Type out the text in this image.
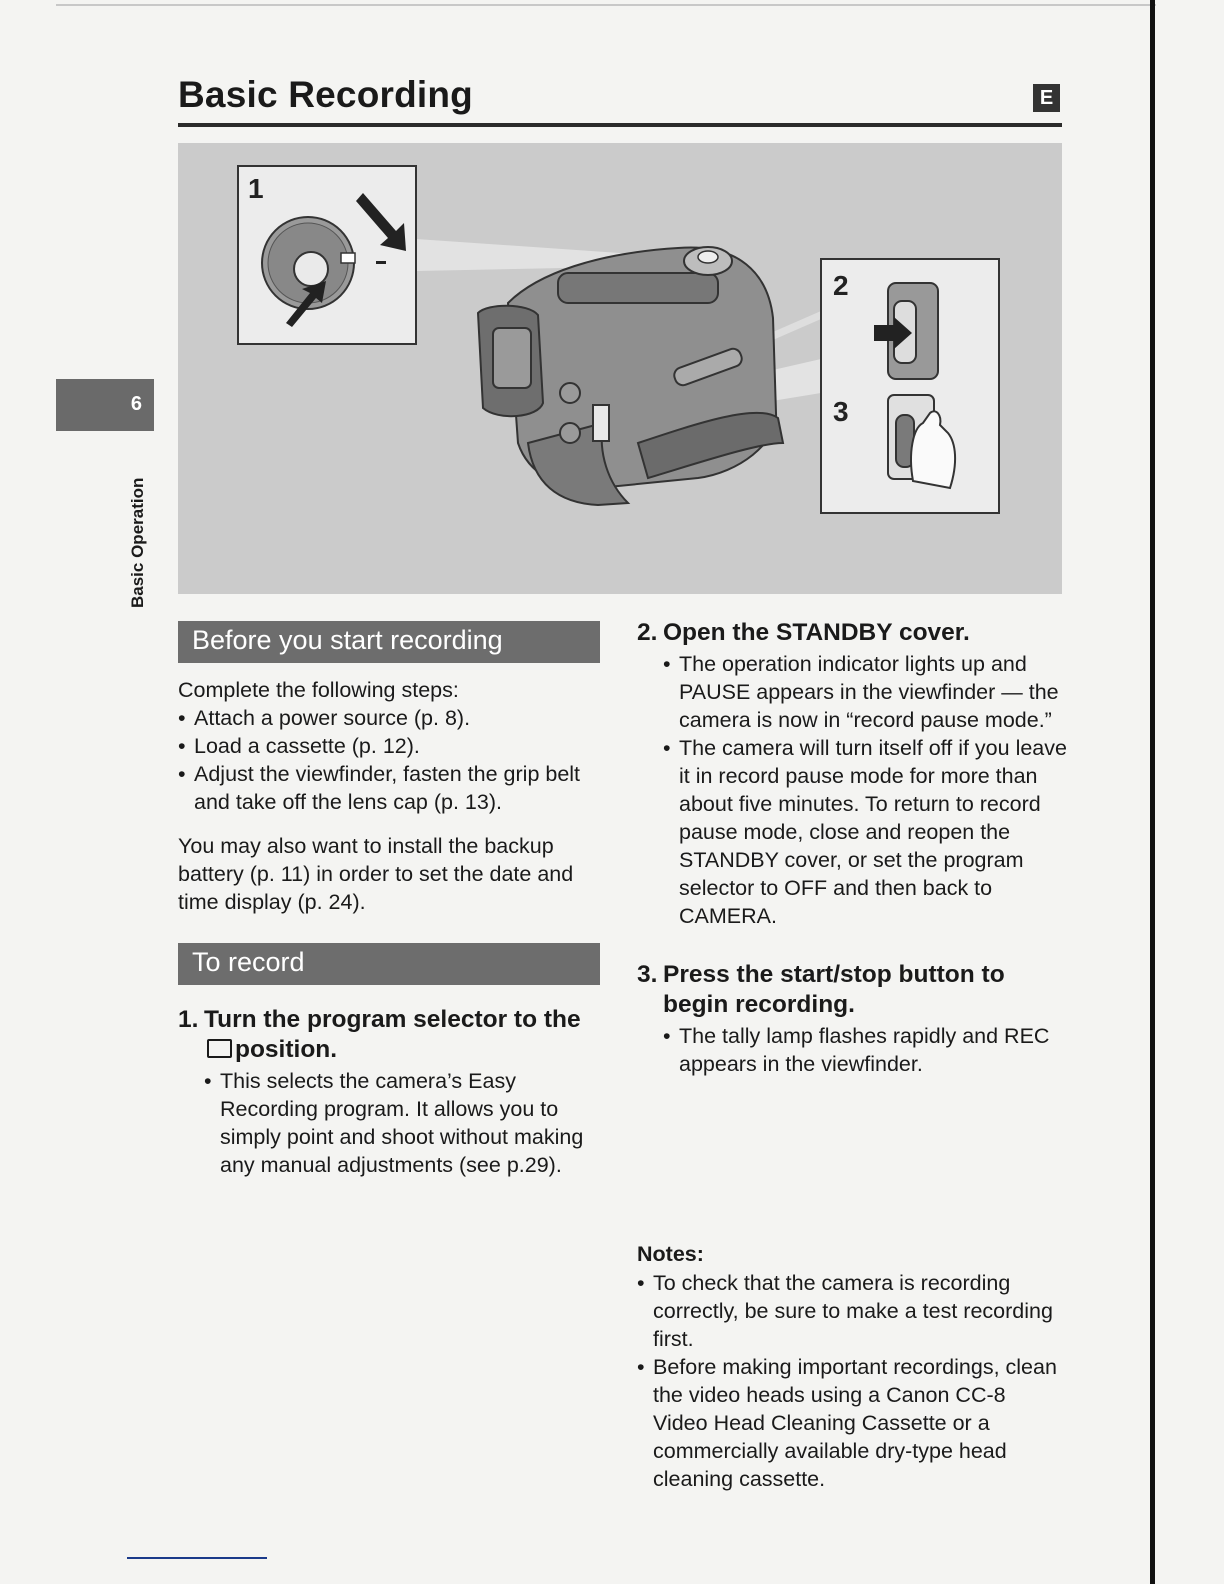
Basic Recording	E
6
Basic Operation
1
2
3
Before you start recording

Complete the following steps:

• Attach a power source (p. 8).
• Load a cassette (p. 12).
• Adjust the viewfinder, fasten the grip belt and take off the lens cap (p. 13).

You may also want to install the backup battery (p. 11) in order to set the date and time display (p. 24).

To record

1. Turn the program selector to theposition.

• This selects the camera’s Easy Recording program. It allows you to simply point and shoot without making any manual adjustments (see p.29).

2. Open the STANDBY cover.

• The operation indicator lights up and PAUSE appears in the viewfinder — the camera is now in “record pause mode.”
• The camera will turn itself off if you leave it in record pause mode for more than about five minutes. To return to record pause mode, close and reopen the STANDBY cover, or set the program selector to OFF and then back to CAMERA.

3. Press the start/stop button to begin recording.

• The tally lamp flashes rapidly and REC appears in the viewfinder.

Notes:

• To check that the camera is recording correctly, be sure to make a test recording first.
• Before making important recordings, clean the video heads using a Canon CC-8 Video Head Cleaning Cassette or a commercially available dry-type head cleaning cassette.
